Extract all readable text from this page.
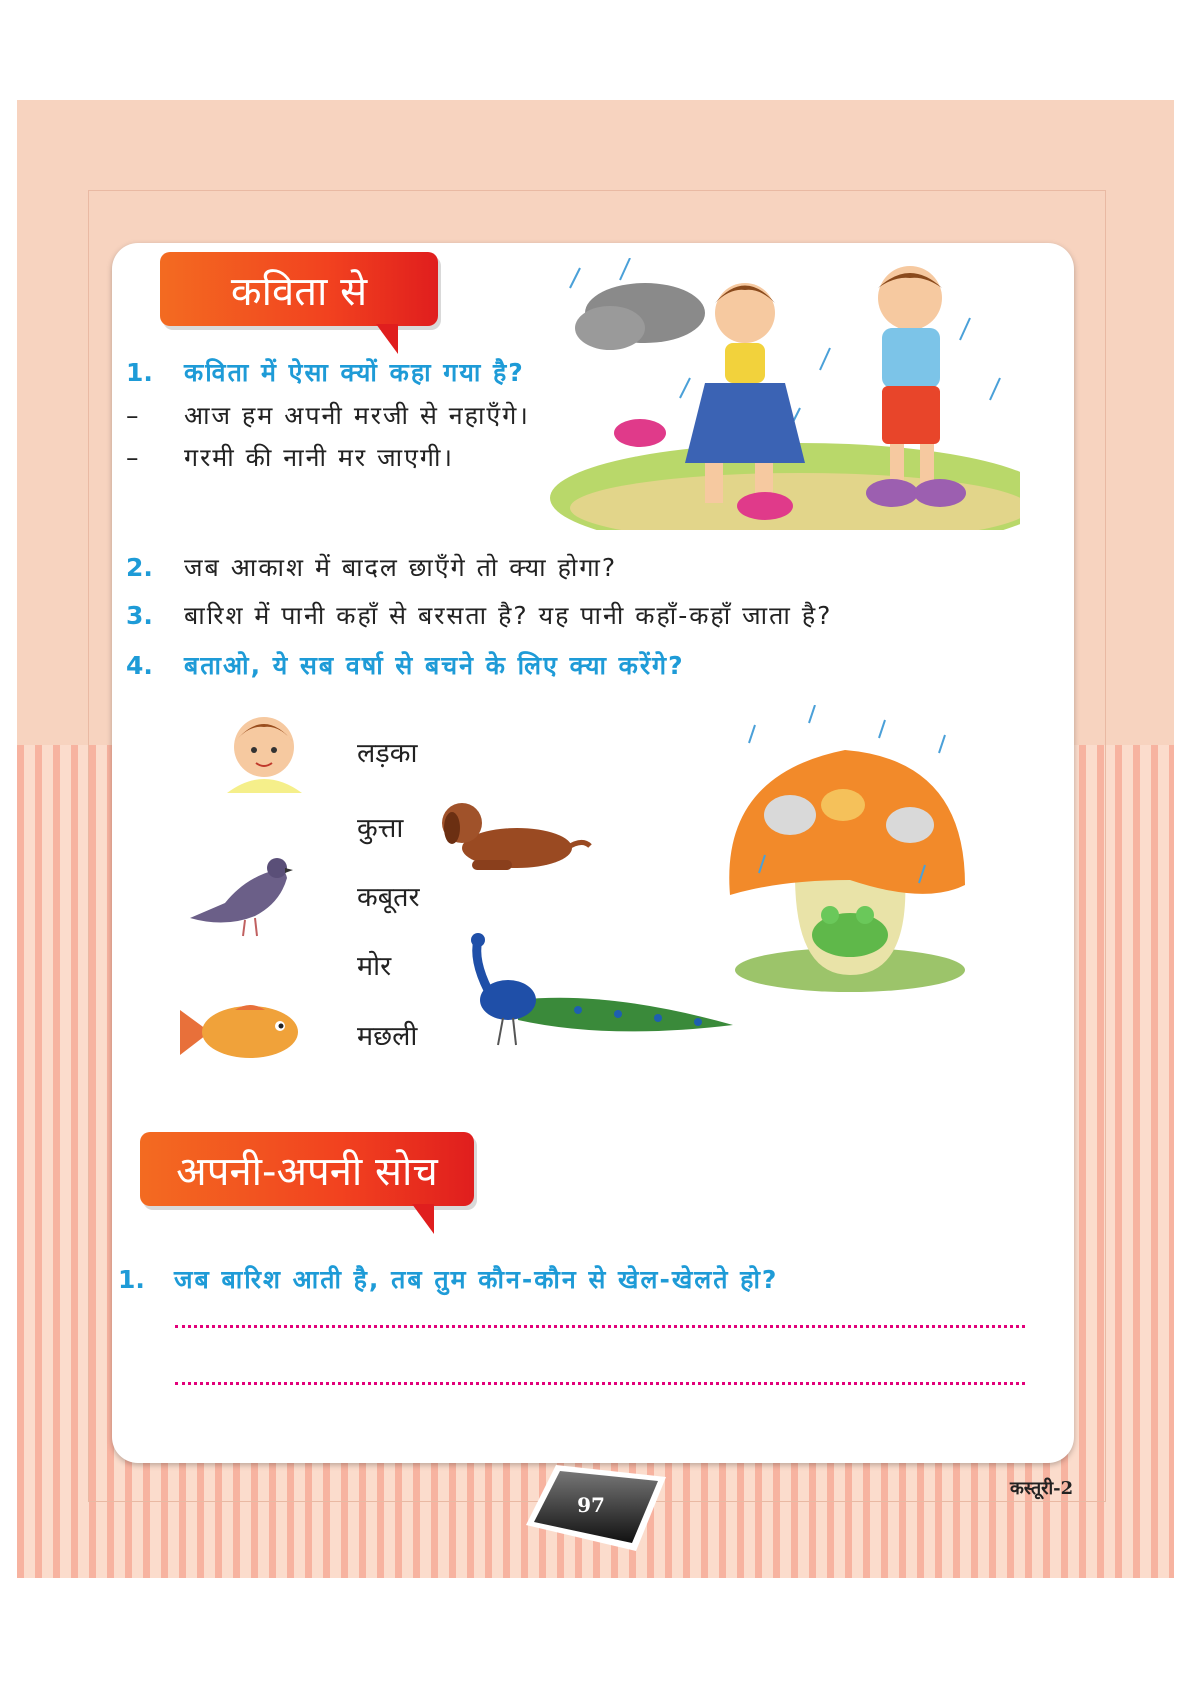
कविता से
1.	कविता में ऐसा क्यों कहा गया है?
–	आज हम अपनी मरजी से नहाएँगे।
–	गरमी की नानी मर जाएगी।
2.	जब आकाश में बादल छाएँगे तो क्या होगा?
3.	बारिश में पानी कहाँ से बरसता है? यह पानी कहाँ-कहाँ जाता है?
4.	बताओ, ये सब वर्षा से बचने के लिए क्या करेंगे?
लड़का
कुत्ता
कबूतर
मोर
मछली
अपनी-अपनी सोच
1.	जब बारिश आती है, तब तुम कौन-कौन से खेल-खेलते हो?
97
कस्तूरी-2
